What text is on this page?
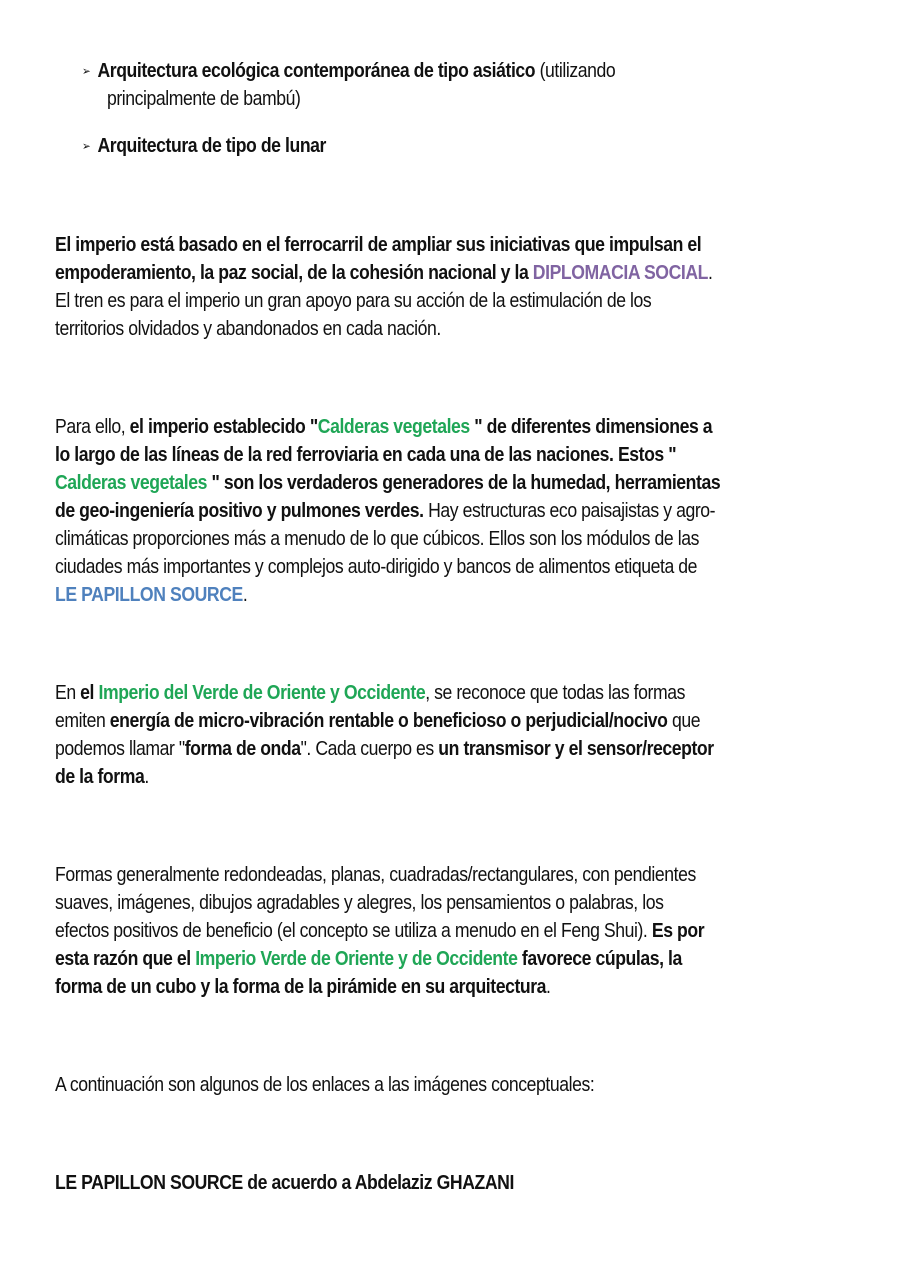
➢ Arquitectura ecológica contemporánea de tipo asiático (utilizando
principalmente de bambú)
➢ Arquitectura de tipo de lunar
El imperio está basado en el ferrocarril de ampliar sus iniciativas que impulsan el
empoderamiento, la paz social, de la cohesión nacional y la DIPLOMACIA SOCIAL.
El tren es para el imperio un gran apoyo para su acción de la estimulación de los
territorios olvidados y abandonados en cada nación.
Para ello, el imperio establecido "Calderas vegetales " de diferentes dimensiones a
lo largo de las líneas de la red ferroviaria en cada una de las naciones. Estos "
Calderas vegetales " son los verdaderos generadores de la humedad, herramientas
de geo-ingeniería positivo y pulmones verdes. Hay estructuras eco paisajistas y agro-
climáticas proporciones más a menudo de lo que cúbicos. Ellos son los módulos de las
ciudades más importantes y complejos auto-dirigido y bancos de alimentos etiqueta de
LE PAPILLON SOURCE.
En el Imperio del Verde de Oriente y Occidente, se reconoce que todas las formas
emiten energía de micro-vibración rentable o beneficioso o perjudicial/nocivo que
podemos llamar "forma de onda". Cada cuerpo es un transmisor y el sensor/receptor
de la forma.
Formas generalmente redondeadas, planas, cuadradas/rectangulares, con pendientes
suaves, imágenes, dibujos agradables y alegres, los pensamientos o palabras, los
efectos positivos de beneficio (el concepto se utiliza a menudo en el Feng Shui). Es por
esta razón que el Imperio Verde de Oriente y de Occidente favorece cúpulas, la
forma de un cubo y la forma de la pirámide en su arquitectura.
A continuación son algunos de los enlaces a las imágenes conceptuales:
LE PAPILLON SOURCE de acuerdo a Abdelaziz GHAZANI
